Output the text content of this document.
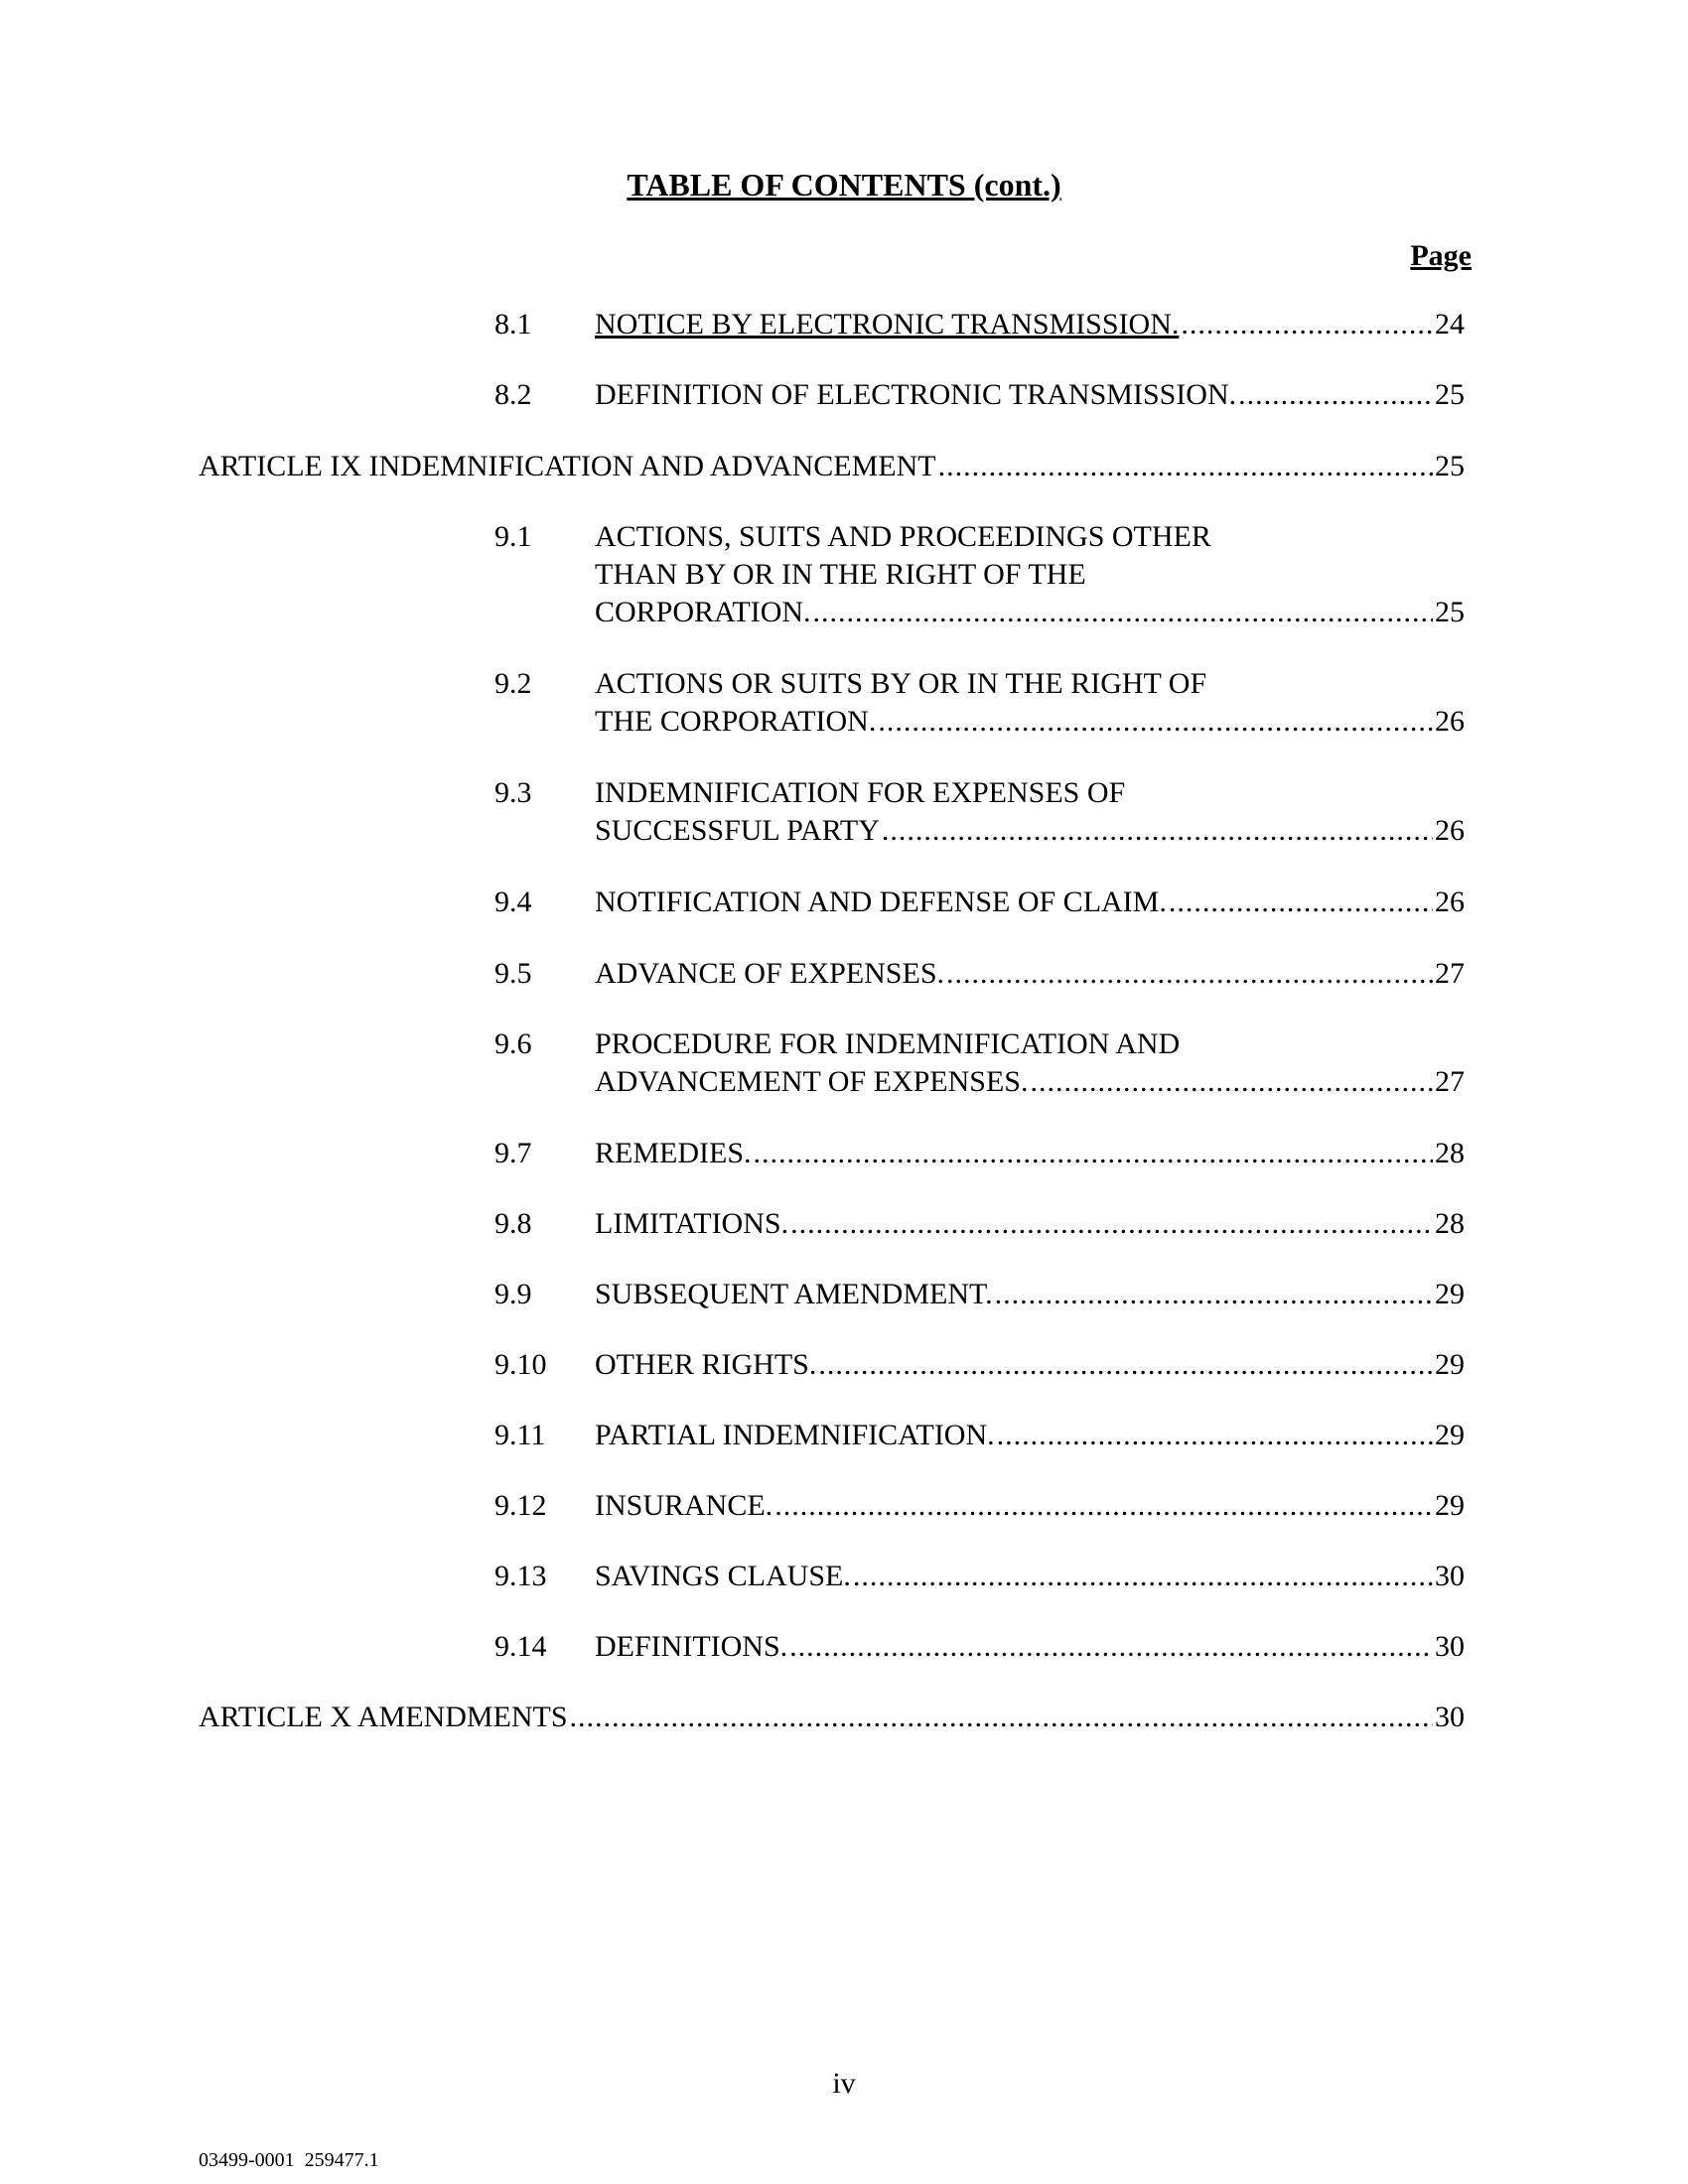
TABLE OF CONTENTS (cont.)
Page
8.1 NOTICE BY ELECTRONIC TRANSMISSION. .....	24
8.2 DEFINITION OF ELECTRONIC TRANSMISSION. .....	25
ARTICLE IX INDEMNIFICATION AND ADVANCEMENT .....	25
9.1 ACTIONS, SUITS AND PROCEEDINGS OTHER
THAN BY OR IN THE RIGHT OF THE
CORPORATION. .....	25
9.2 ACTIONS OR SUITS BY OR IN THE RIGHT OF
THE CORPORATION. .....	26
9.3 INDEMNIFICATION FOR EXPENSES OF
SUCCESSFUL PARTY .....	26
9.4 NOTIFICATION AND DEFENSE OF CLAIM. .....	26
9.5 ADVANCE OF EXPENSES. .....	27
9.6 PROCEDURE FOR INDEMNIFICATION AND
ADVANCEMENT OF EXPENSES. .....	27
9.7 REMEDIES. .....	28
9.8 LIMITATIONS. .....	28
9.9 SUBSEQUENT AMENDMENT. .....	29
9.10 OTHER RIGHTS. .....	29
9.11 PARTIAL INDEMNIFICATION. .....	29
9.12 INSURANCE. .....	29
9.13 SAVINGS CLAUSE. .....	30
9.14 DEFINITIONS. .....	30
ARTICLE X AMENDMENTS .....	30
iv
03499-0001  259477.1
